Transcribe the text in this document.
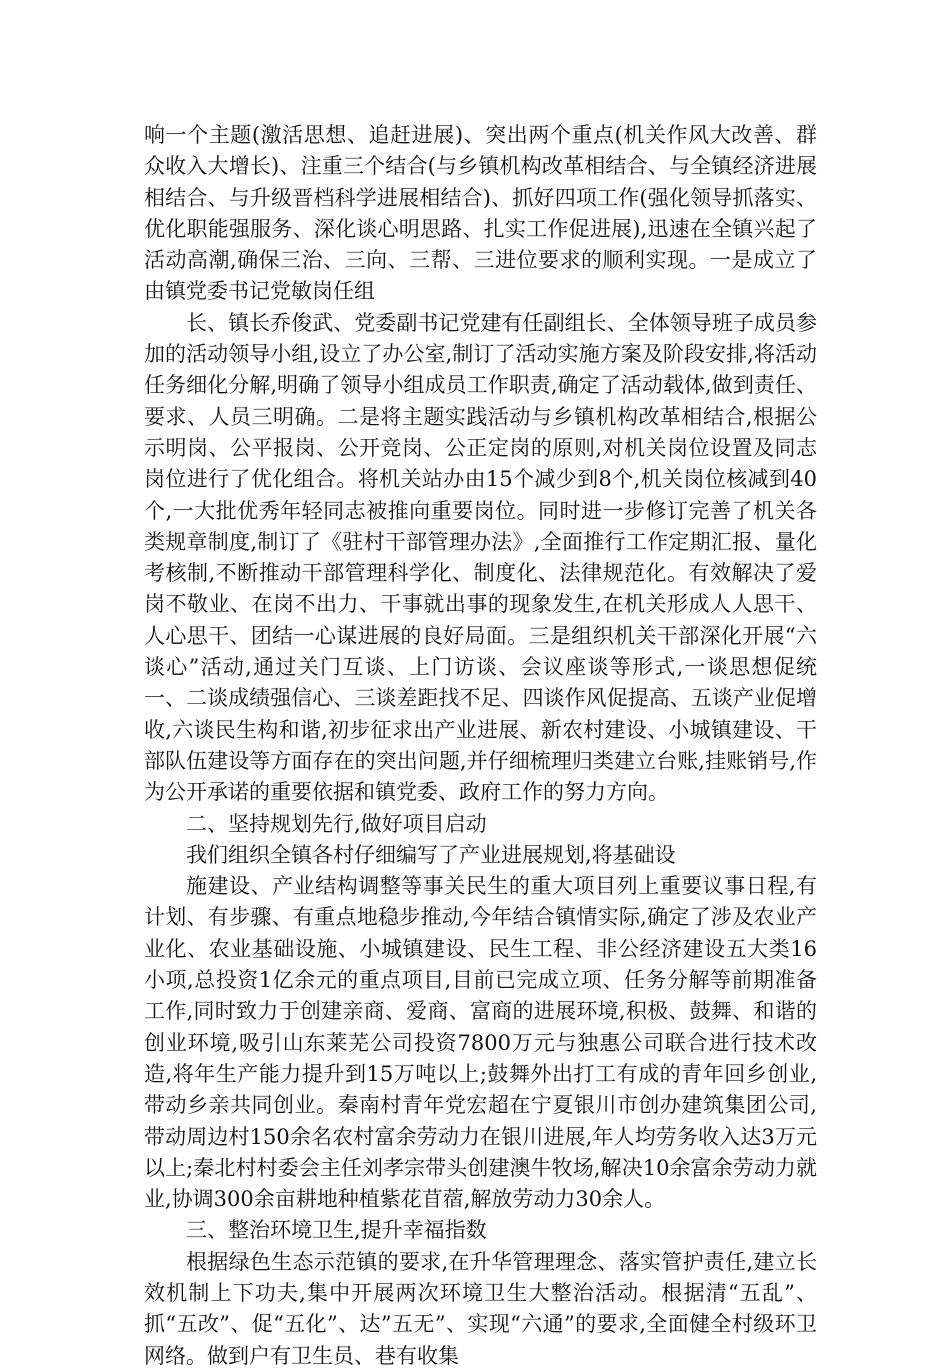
响一个主题(激活思想、追赶进展)、突出两个重点(机关作风大改善、群众收入大增长)、注重三个结合(与乡镇机构改革相结合、与全镇经济进展相结合、与升级晋档科学进展相结合)、抓好四项工作(强化领导抓落实、优化职能强服务、深化谈心明思路、扎实工作促进展),迅速在全镇兴起了活动高潮,确保三治、三向、三帮、三进位要求的顺利实现。一是成立了由镇党委书记党敏岗任组

长、镇长乔俊武、党委副书记党建有任副组长、全体领导班子成员参加的活动领导小组,设立了办公室,制订了活动实施方案及阶段安排,将活动任务细化分解,明确了领导小组成员工作职责,确定了活动载体,做到责任、要求、人员三明确。二是将主题实践活动与乡镇机构改革相结合,根据公示明岗、公平报岗、公开竞岗、公正定岗的原则,对机关岗位设置及同志岗位进行了优化组合。将机关站办由15个减少到8个,机关岗位核减到40个,一大批优秀年轻同志被推向重要岗位。同时进一步修订完善了机关各类规章制度,制订了《驻村干部管理办法》,全面推行工作定期汇报、量化考核制,不断推动干部管理科学化、制度化、法律规范化。有效解决了爱岗不敬业、在岗不出力、干事就出事的现象发生,在机关形成人人思干、人心思干、团结一心谋进展的良好局面。三是组织机关干部深化开展“六谈心”活动,通过关门互谈、上门访谈、会议座谈等形式,一谈思想促统一、二谈成绩强信心、三谈差距找不足、四谈作风促提高、五谈产业促增收,六谈民生构和谐,初步征求出产业进展、新农村建设、小城镇建设、干部队伍建设等方面存在的突出问题,并仔细梳理归类建立台账,挂账销号,作为公开承诺的重要依据和镇党委、政府工作的努力方向。

二、坚持规划先行,做好项目启动

我们组织全镇各村仔细编写了产业进展规划,将基础设

施建设、产业结构调整等事关民生的重大项目列上重要议事日程,有计划、有步骤、有重点地稳步推动,今年结合镇情实际,确定了涉及农业产业化、农业基础设施、小城镇建设、民生工程、非公经济建设五大类16小项,总投资1亿余元的重点项目,目前已完成立项、任务分解等前期准备工作,同时致力于创建亲商、爱商、富商的进展环境,积极、鼓舞、和谐的创业环境,吸引山东莱芜公司投资7800万元与独惠公司联合进行技术改造,将年生产能力提升到15万吨以上;鼓舞外出打工有成的青年回乡创业,带动乡亲共同创业。秦南村青年党宏超在宁夏银川市创办建筑集团公司,带动周边村150余名农村富余劳动力在银川进展,年人均劳务收入达3万元以上;秦北村村委会主任刘孝宗带头创建澳牛牧场,解决10余富余劳动力就业,协调300余亩耕地种植紫花苜蓿,解放劳动力30余人。

三、整治环境卫生,提升幸福指数

根据绿色生态示范镇的要求,在升华管理理念、落实管护责任,建立长效机制上下功夫,集中开展两次环境卫生大整治活动。根据清“五乱”、抓“五改”、促“五化”、达”五无”、实现“六通”的要求,全面健全村级环卫网络。做到户有卫生员、巷有收集
